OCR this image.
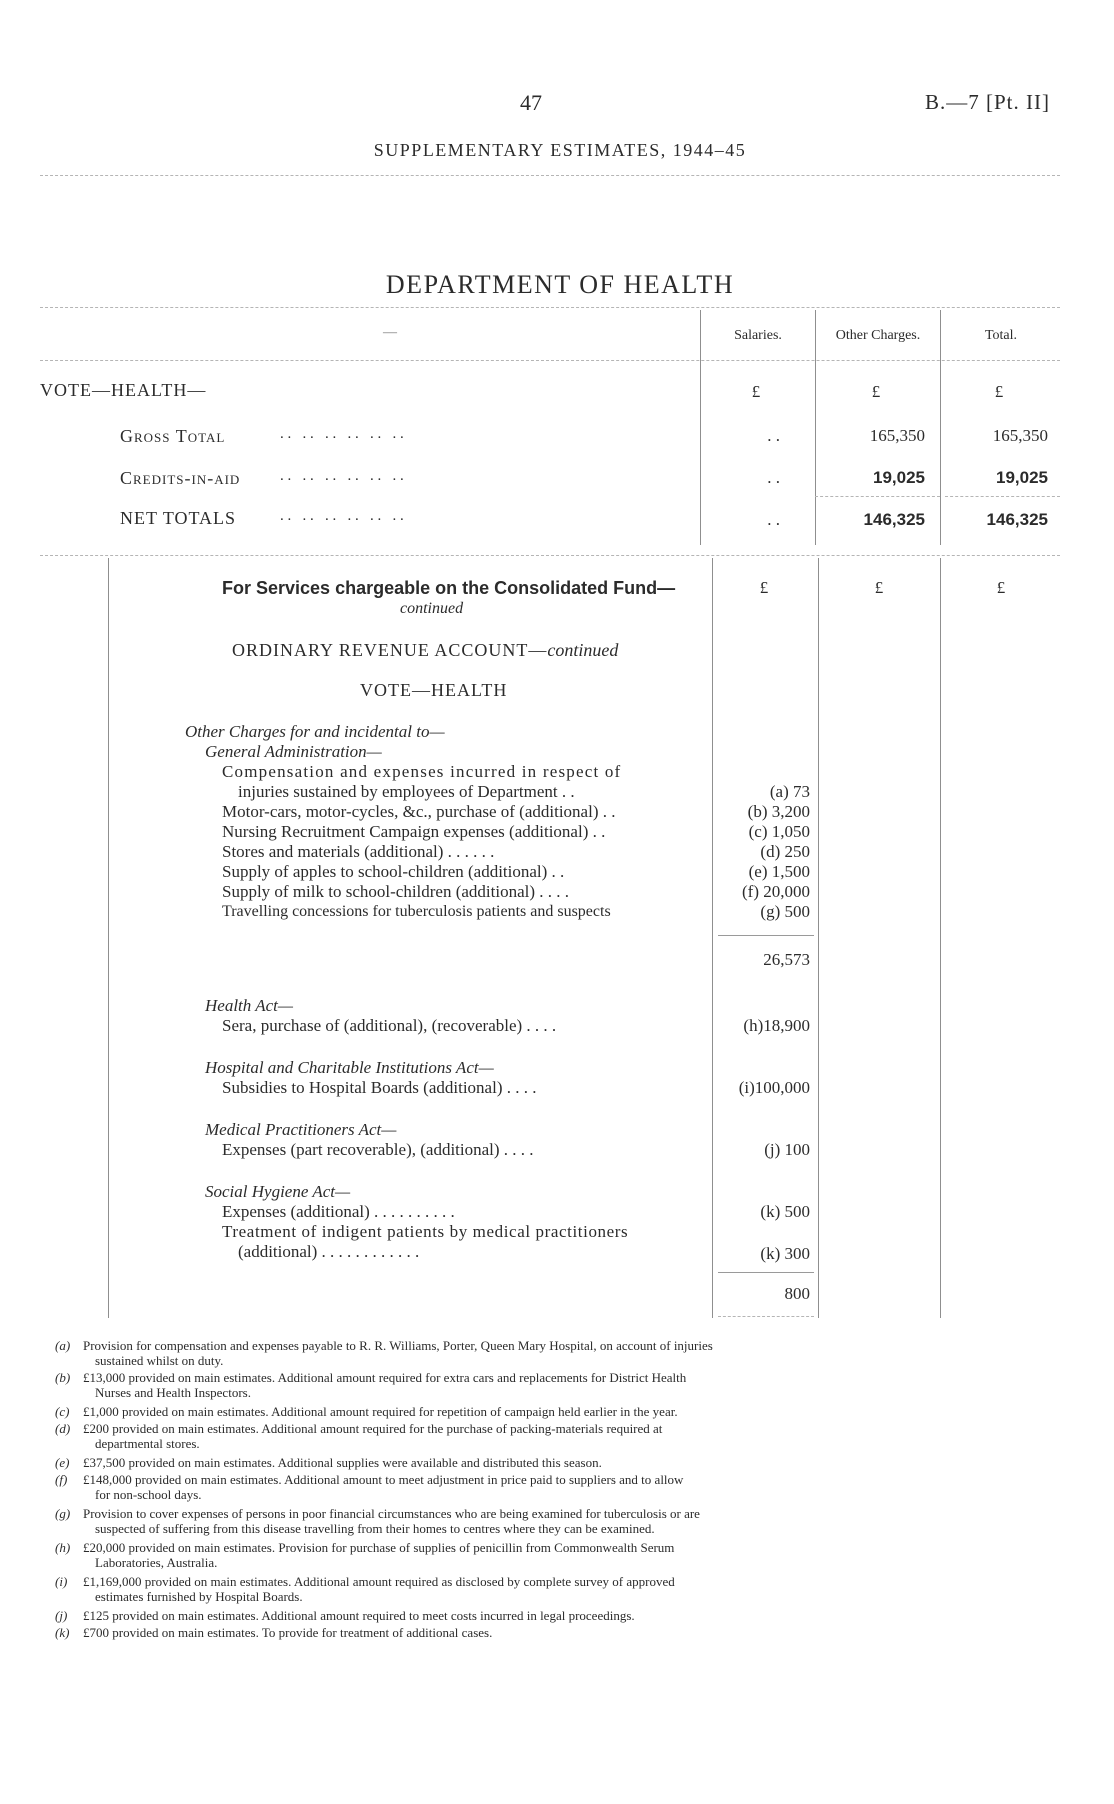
47	B.—7 [Pt. II]
SUPPLEMENTARY ESTIMATES, 1944–45
DEPARTMENT OF HEALTH
—	Salaries.	Other Charges.	Total.
VOTE—HEALTH—	£	£	£
Gross Total	. .   . .   . .   . .   . .   . .	. .	165,350	165,350
Credits-in-aid	. .   . .   . .   . .   . .   . .	. .	19,025	19,025
NET TOTALS	. .   . .   . .   . .   . .   . .	. .	146,325	146,325
For Services chargeable on the Consolidated Fund—
continued
£	£	£
ORDINARY REVENUE ACCOUNT—continued
VOTE—HEALTH
Other Charges for and incidental to—
General Administration—
Compensation and expenses incurred in respect of
injuries sustained by employees of Department . .	(a) 73
Motor-cars, motor-cycles, &c., purchase of (additional) . .	(b) 3,200
Nursing Recruitment Campaign expenses (additional) . .	(c) 1,050
Stores and materials (additional) . . . . . .	(d) 250
Supply of apples to school-children (additional) . .	(e) 1,500
Supply of milk to school-children (additional) . . . .	(f) 20,000
Travelling concessions for tuberculosis patients and suspects	(g) 500
26,573
Health Act—
Sera, purchase of (additional), (recoverable) . . . .	(h)18,900
Hospital and Charitable Institutions Act—
Subsidies to Hospital Boards (additional) . . . .	(i)100,000
Medical Practitioners Act—
Expenses (part recoverable), (additional) . . . .	(j) 100
Social Hygiene Act—
Expenses (additional) . . . . . . . . . .	(k) 500
Treatment of indigent patients by medical practitioners
(additional) . . . . . . . . . . . .	(k) 300
800
(a) Provision for compensation and expenses payable to R. R. Williams, Porter, Queen Mary Hospital, on account of injuries
sustained whilst on duty.
(b) £13,000 provided on main estimates. Additional amount required for extra cars and replacements for District Health
Nurses and Health Inspectors.
(c) £1,000 provided on main estimates. Additional amount required for repetition of campaign held earlier in the year.
(d) £200 provided on main estimates. Additional amount required for the purchase of packing-materials required at
departmental stores.
(e) £37,500 provided on main estimates. Additional supplies were available and distributed this season.
(f) £148,000 provided on main estimates. Additional amount to meet adjustment in price paid to suppliers and to allow
for non-school days.
(g) Provision to cover expenses of persons in poor financial circumstances who are being examined for tuberculosis or are
suspected of suffering from this disease travelling from their homes to centres where they can be examined.
(h) £20,000 provided on main estimates. Provision for purchase of supplies of penicillin from Commonwealth Serum
Laboratories, Australia.
(i) £1,169,000 provided on main estimates. Additional amount required as disclosed by complete survey of approved
estimates furnished by Hospital Boards.
(j) £125 provided on main estimates. Additional amount required to meet costs incurred in legal proceedings.
(k) £700 provided on main estimates. To provide for treatment of additional cases.
